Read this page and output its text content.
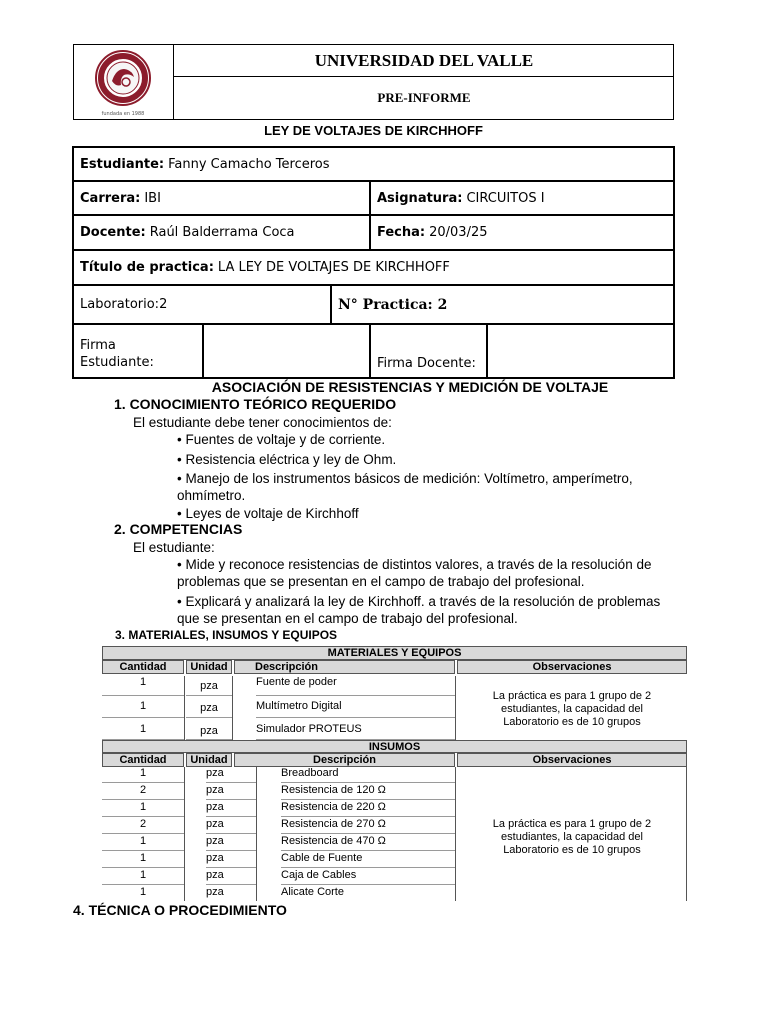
fundada en 1988
UNIVERSIDAD DEL VALLE
PRE-INFORME
LEY DE VOLTAJES DE KIRCHHOFF
Estudiante: Fanny Camacho Terceros
Carrera: IBI	Asignatura: CIRCUITOS I
Docente: Raúl Balderrama Coca	Fecha: 20/03/25
Título de practica: LA LEY DE VOLTAJES DE KIRCHHOFF
Laboratorio:2	N° Practica: 2
Firma
Estudiante:	Firma Docente:
ASOCIACIÓN DE RESISTENCIAS Y MEDICIÓN DE VOLTAJE
1. CONOCIMIENTO TEÓRICO REQUERIDO
El estudiante debe tener conocimientos de:
• Fuentes de voltaje y de corriente.
• Resistencia eléctrica y ley de Ohm.
• Manejo de los instrumentos básicos de medición: Voltímetro, amperímetro,
ohmímetro.
• Leyes de voltaje de Kirchhoff
2. COMPETENCIAS
El estudiante:
• Mide y reconoce resistencias de distintos valores, a través de la resolución de
problemas que se presentan en el campo de trabajo del profesional.
• Explicará y analizará la ley de Kirchhoff. a través de la resolución de problemas
que se presentan en el campo de trabajo del profesional.
3. MATERIALES, INSUMOS Y EQUIPOS
MATERIALES Y EQUIPOS
Cantidad	Unidad	Descripción	Observaciones
1	pza	Fuente de poder
1	pza	Multímetro Digital
1	pza	Simulador PROTEUS
La práctica es para 1 grupo de 2
estudiantes, la capacidad del
Laboratorio es de 10 grupos
INSUMOS
Cantidad	Unidad	Descripción	Observaciones
1	pza	Breadboard
2	pza	Resistencia de 120 Ω
1	pza	Resistencia de 220 Ω
2	pza	Resistencia de 270 Ω
1	pza	Resistencia de 470 Ω
1	pza	Cable de Fuente
1	pza	Caja de Cables
1	pza	Alicate Corte
La práctica es para 1 grupo de 2
estudiantes, la capacidad del
Laboratorio es de 10 grupos
4. TÉCNICA O PROCEDIMIENTO
